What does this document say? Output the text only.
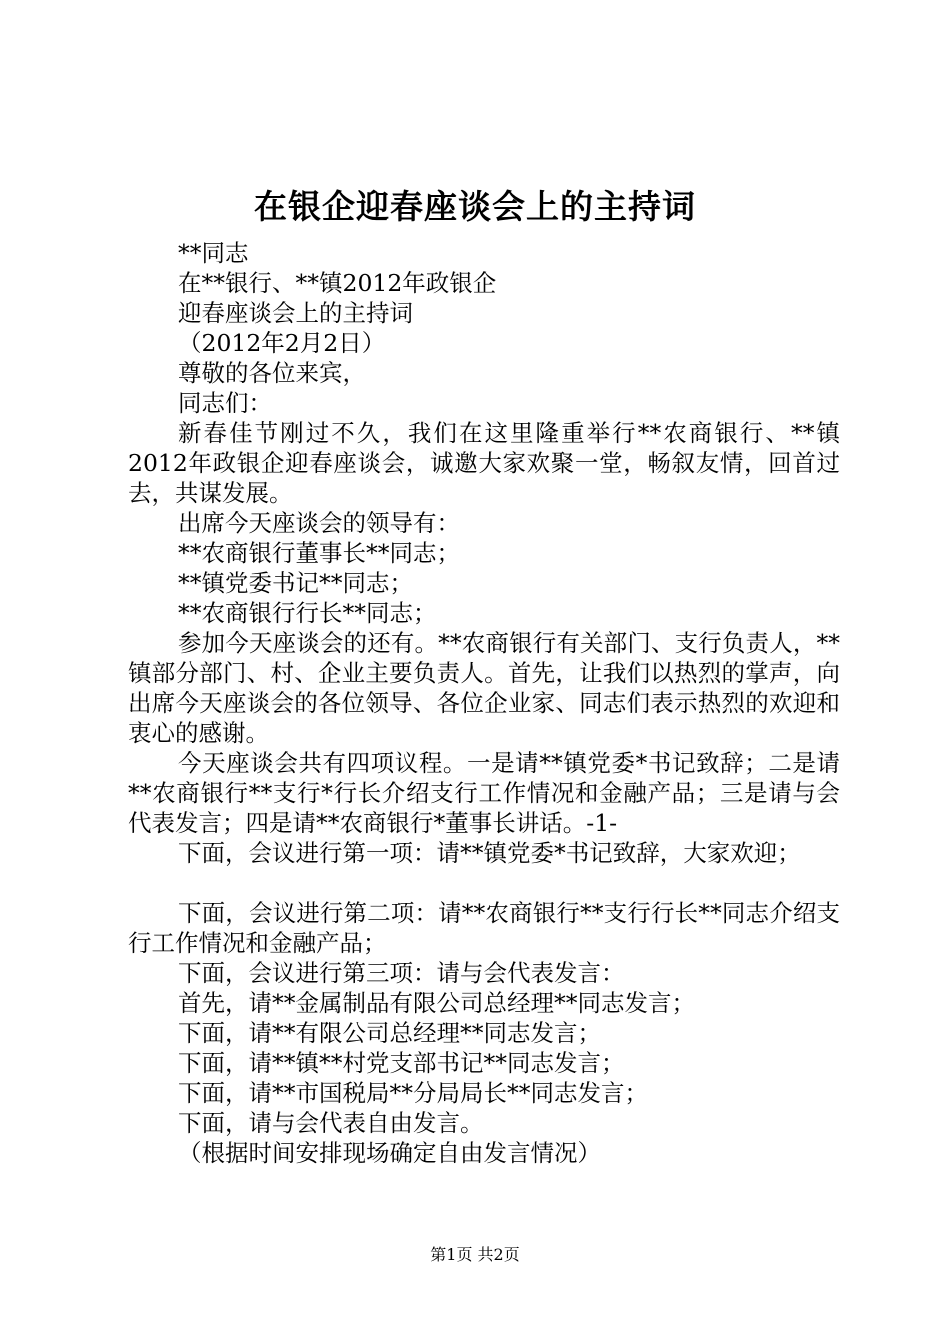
在银企迎春座谈会上的主持词

**同志

在**银行、**镇2012年政银企

迎春座谈会上的主持词

（2012年2月2日）

尊敬的各位来宾，

同志们：

新春佳节刚过不久，我们在这里隆重举行**农商银行、**镇2012年政银企迎春座谈会，诚邀大家欢聚一堂，畅叙友情，回首过去，共谋发展。

出席今天座谈会的领导有：

**农商银行董事长**同志；

**镇党委书记**同志；

**农商银行行长**同志；

参加今天座谈会的还有。**农商银行有关部门、支行负责人，**镇部分部门、村、企业主要负责人。首先，让我们以热烈的掌声，向出席今天座谈会的各位领导、各位企业家、同志们表示热烈的欢迎和衷心的感谢。

今天座谈会共有四项议程。一是请**镇党委*书记致辞；二是请**农商银行**支行*行长介绍支行工作情况和金融产品；三是请与会代表发言；四是请**农商银行*董事长讲话。-1-

下面，会议进行第一项：请**镇党委*书记致辞，大家欢迎；

下面，会议进行第二项：请**农商银行**支行行长**同志介绍支行工作情况和金融产品；

下面，会议进行第三项：请与会代表发言：

首先，请**金属制品有限公司总经理**同志发言；

下面，请**有限公司总经理**同志发言；

下面，请**镇**村党支部书记**同志发言；

下面，请**市国税局**分局局长**同志发言；

下面，请与会代表自由发言。

（根据时间安排现场确定自由发言情况）

第1页 共2页
